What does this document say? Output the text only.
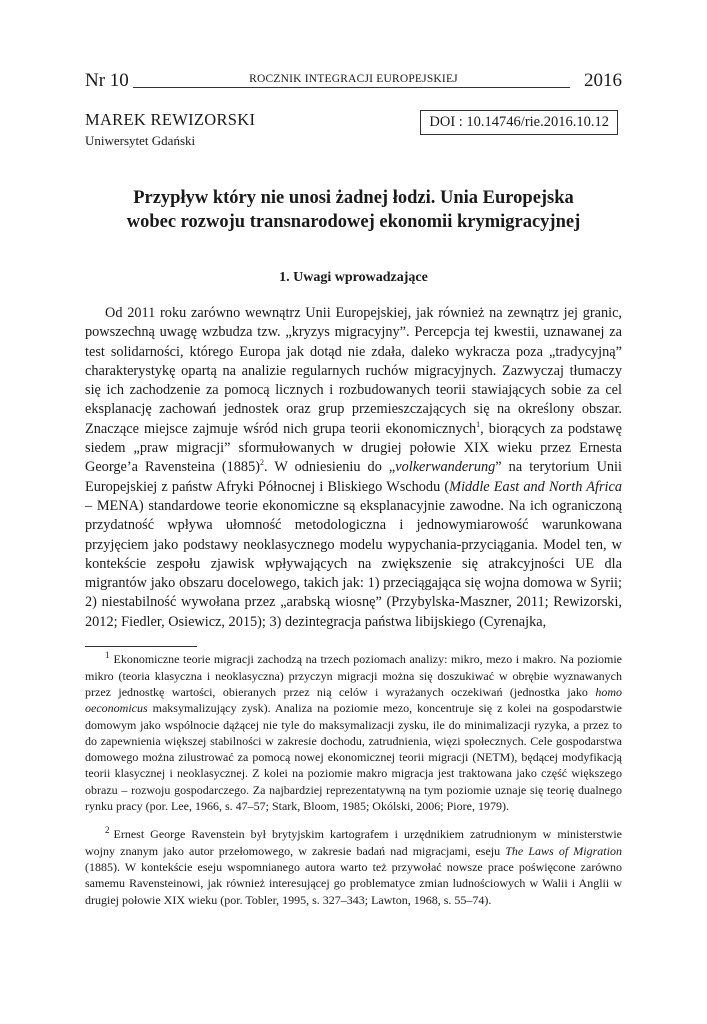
Nr 10	ROCZNIK INTEGRACJI EUROPEJSKIEJ	2016
MAREK REWIZORSKI
Uniwersytet Gdański
DOI : 10.14746/rie.2016.10.12
Przypływ który nie unosi żadnej łodzi. Unia Europejska
wobec rozwoju transnarodowej ekonomii krymigracyjnej
1. Uwagi wprowadzające

Od 2011 roku zarówno wewnątrz Unii Europejskiej, jak również na zewnątrz jej granic, powszechną uwagę wzbudza tzw. „kryzys migracyjny”. Percepcja tej kwestii, uznawanej za test solidarności, którego Europa jak dotąd nie zdała, daleko wykracza poza „tradycyjną” charakterystykę opartą na analizie regularnych ruchów migracyjnych. Zazwyczaj tłumaczy się ich zachodzenie za pomocą licznych i rozbudowanych teorii stawiających sobie za cel eksplanację zachowań jednostek oraz grup przemieszczających się na określony obszar. Znaczące miejsce zajmuje wśród nich grupa teorii ekonomicznych$^1$, biorących za podstawę siedem „praw migracji” sformułowanych w drugiej połowie XIX wieku przez Ernesta George’a Ravensteina $(1885)^2$. W odniesieniu do „volkerwanderung” na terytorium Unii Europejskiej z państw Afryki Północnej i Bliskiego Wschodu (Middle East and North Africa – MENA) standardowe teorie ekonomiczne są eksplanacyjnie zawodne. Na ich ograniczoną przydatność wpływa ułomność metodologiczna i jednowymiarowość warunkowana przyjęciem jako podstawy neoklasycznego modelu wypychania-przyciągania. Model ten, w kontekście zespołu zjawisk wpływających na zwiększenie się atrakcyjności UE dla migrantów jako obszaru docelowego, takich jak: 1) przeciągająca się wojna domowa w Syrii; 2) niestabilność wywołana przez „arabską wiosnę” (Przybylska-Maszner, 2011; Rewizorski, 2012; Fiedler, Osiewicz, 2015); 3) dezintegracja państwa libijskiego (Cyrenajka,

$^1$ Ekonomiczne teorie migracji zachodzą na trzech poziomach analizy: mikro, mezo i makro. Na poziomie mikro (teoria klasyczna i neoklasyczna) przyczyn migracji można się doszukiwać w obrębie wyznawanych przez jednostkę wartości, obieranych przez nią celów i wyrażanych oczekiwań (jednostka jako homo oeconomicus maksymalizujący zysk). Analiza na poziomie mezo, koncentruje się z kolei na gospodarstwie domowym jako wspólnocie dążącej nie tyle do maksymalizacji zysku, ile do minimalizacji ryzyka, a przez to do zapewnienia większej stabilności w zakresie dochodu, zatrudnienia, więzi społecznych. Cele gospodarstwa domowego można zilustrować za pomocą nowej ekonomicznej teorii migracji (NETM), będącej modyfikacją teorii klasycznej i neoklasycznej. Z kolei na poziomie makro migracja jest traktowana jako część większego obrazu – rozwoju gospodarczego. Za najbardziej reprezentatywną na tym poziomie uznaje się teorię dualnego rynku pracy (por. Lee, 1966, s. 47–57; Stark, Bloom, 1985; Okólski, 2006; Piore, 1979).

$^2$ Ernest George Ravenstein był brytyjskim kartografem i urzędnikiem zatrudnionym w ministerstwie wojny znanym jako autor przełomowego, w zakresie badań nad migracjami, eseju The Laws of Migration (1885). W kontekście eseju wspomnianego autora warto też przywołać nowsze prace poświęcone zarówno samemu Ravensteinowi, jak również interesującej go problematyce zmian ludnościowych w Walii i Anglii w drugiej połowie XIX wieku (por. Tobler, 1995, s. 327–343; Lawton, 1968, s. 55–74).
